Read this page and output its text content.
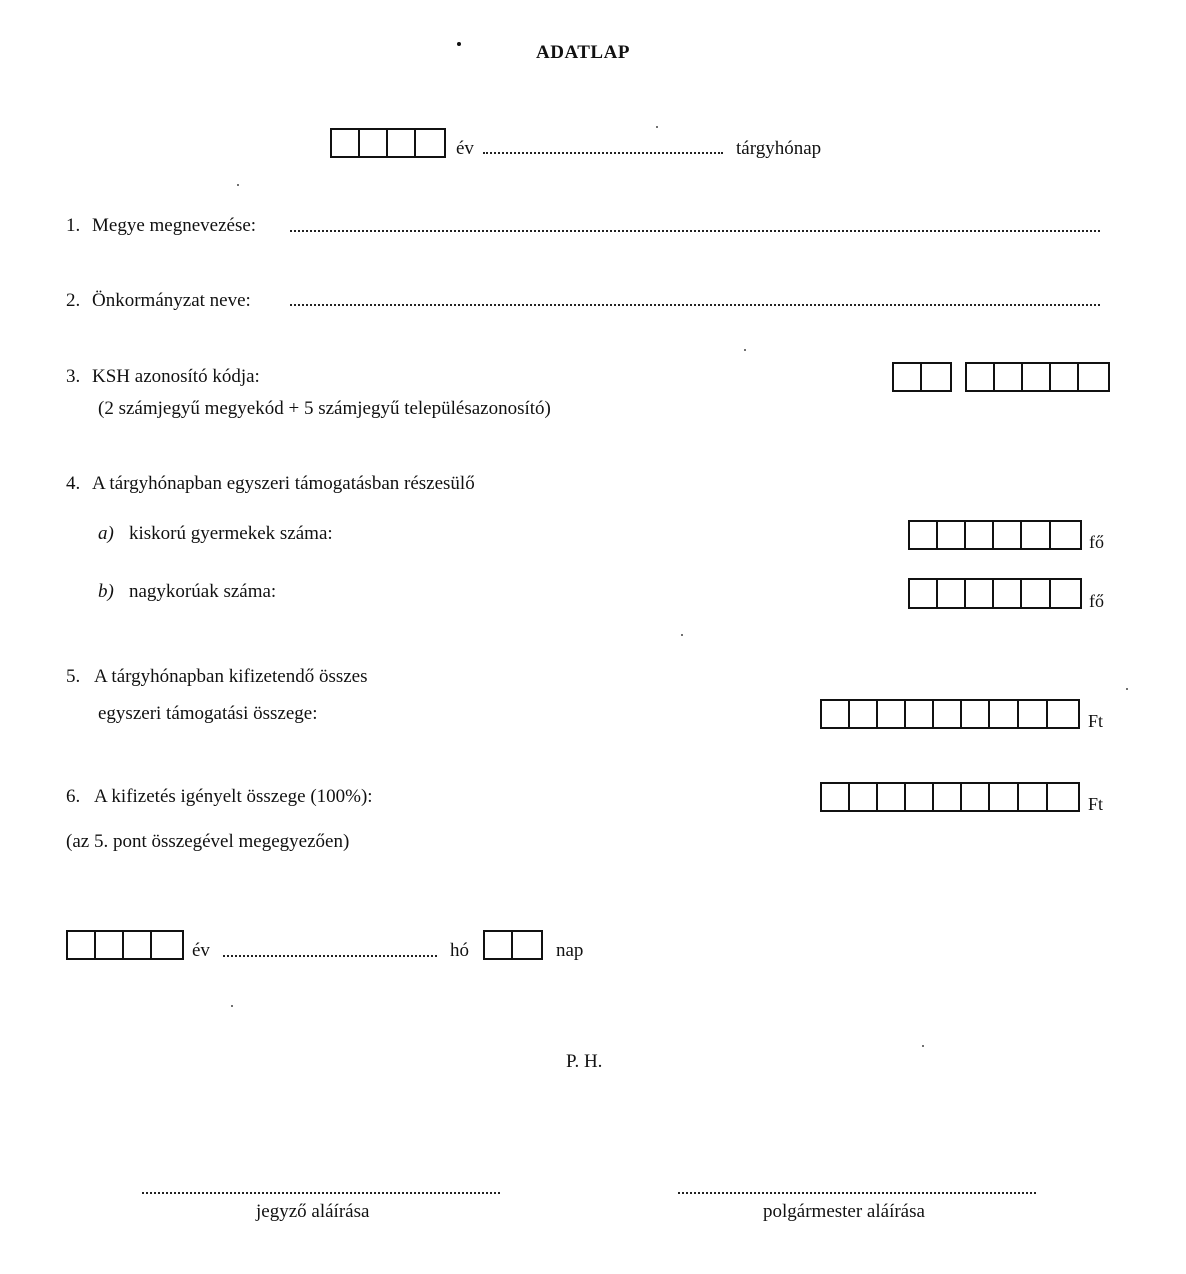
ADATLAP
év	tárgyhónap
1. Megye megnevezése:
2. Önkormányzat neve:
3. KSH azonosító kódja:
(2 számjegyű megyekód + 5 számjegyű településazonosító)
4. A tárgyhónapban egyszeri támogatásban részesülő
a) kiskorú gyermekek száma:	fő
b) nagykorúak száma:	fő
5. A tárgyhónapban kifizetendő összes
egyszeri támogatási összege:	Ft
6. A kifizetés igényelt összege (100%):	Ft
(az 5. pont összegével megegyezően)
év	hó	nap
P. H.
jegyző aláírása	polgármester aláírása
